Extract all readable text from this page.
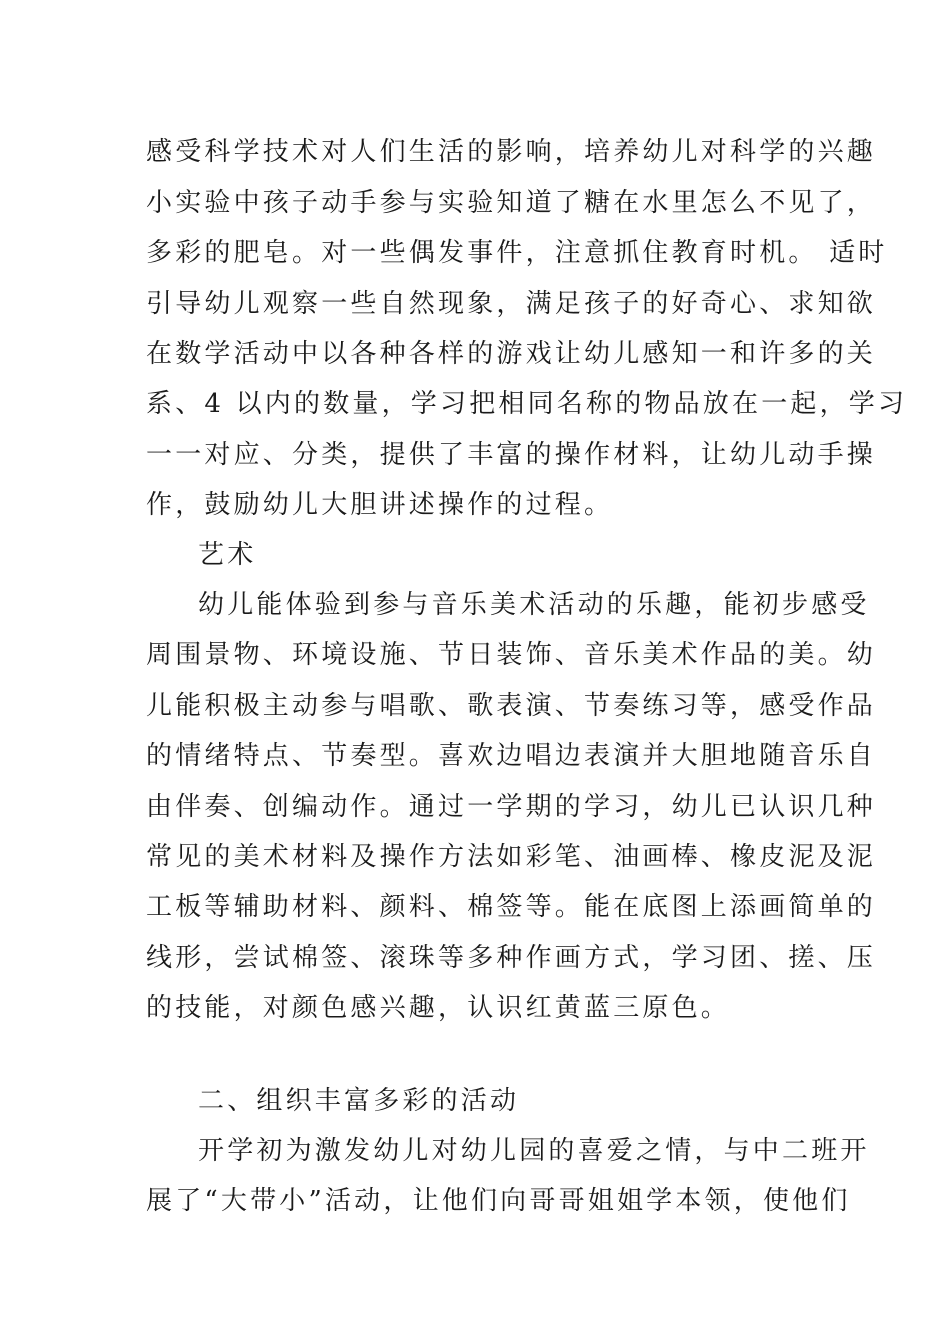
感受科学技术对人们生活的影响，培养幼儿对科学的兴趣
小实验中孩子动手参与实验知道了糖在水里怎么不见了，
多彩的肥皂。对一些偶发事件，注意抓住教育时机。 适时
引导幼儿观察一些自然现象，满足孩子的好奇心、求知欲
在数学活动中以各种各样的游戏让幼儿感知一和许多的关
系、4 以内的数量，学习把相同名称的物品放在一起，学习
一一对应、分类，提供了丰富的操作材料，让幼儿动手操
作，鼓励幼儿大胆讲述操作的过程。
艺术
幼儿能体验到参与音乐美术活动的乐趣，能初步感受
周围景物、环境设施、节日装饰、音乐美术作品的美。幼
儿能积极主动参与唱歌、歌表演、节奏练习等，感受作品
的情绪特点、节奏型。喜欢边唱边表演并大胆地随音乐自
由伴奏、创编动作。通过一学期的学习，幼儿已认识几种
常见的美术材料及操作方法如彩笔、油画棒、橡皮泥及泥
工板等辅助材料、颜料、棉签等。能在底图上添画简单的
线形，尝试棉签、滚珠等多种作画方式，学习团、搓、压
的技能，对颜色感兴趣，认识红黄蓝三原色。
二、组织丰富多彩的活动
开学初为激发幼儿对幼儿园的喜爱之情，与中二班开
展了“大带小”活动，让他们向哥哥姐姐学本领，使他们
